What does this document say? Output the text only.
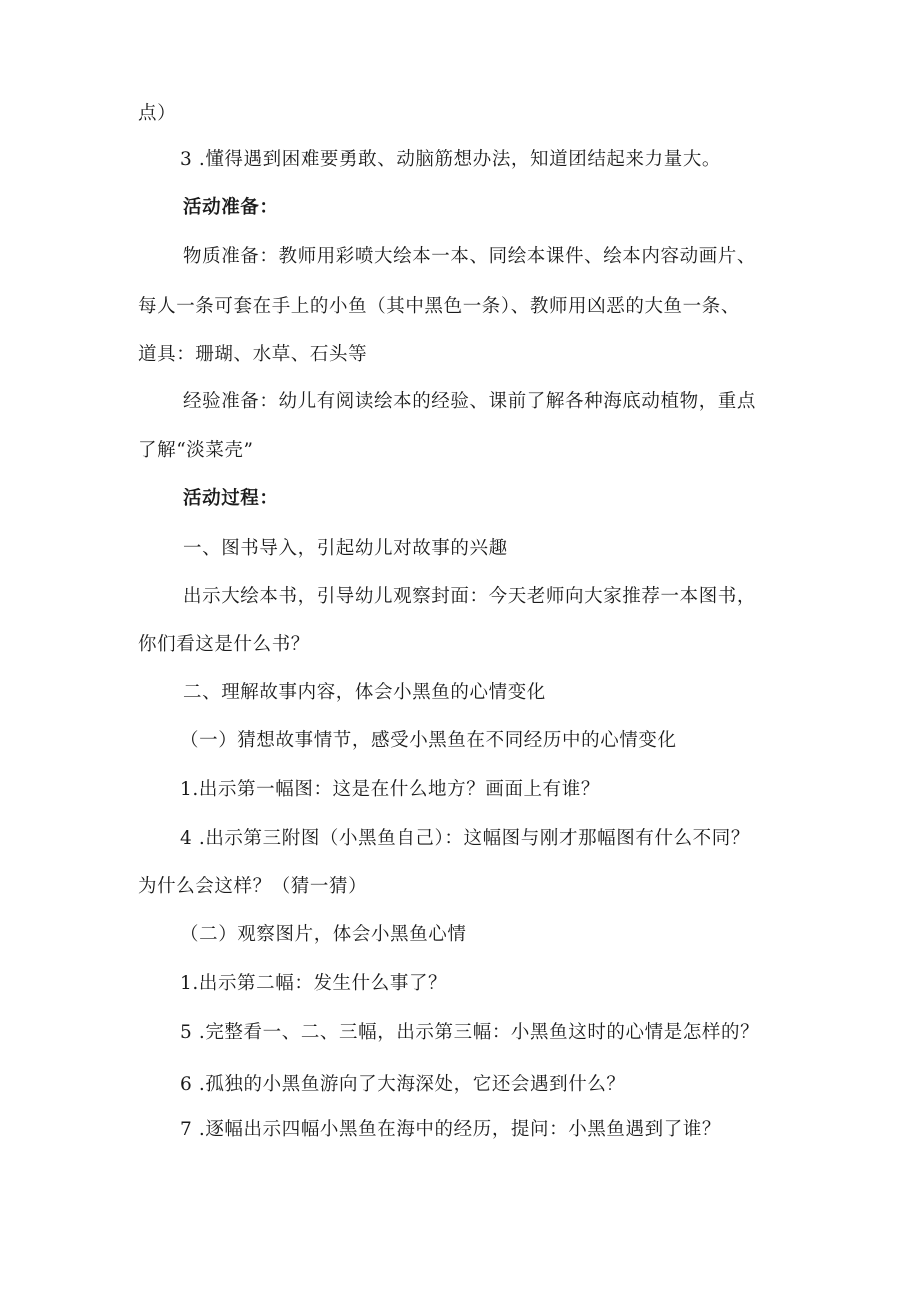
点）
3 .懂得遇到困难要勇敢、动脑筋想办法，知道团结起来力量大。
活动准备：
物质准备：教师用彩喷大绘本一本、同绘本课件、绘本内容动画片、
每人一条可套在手上的小鱼（其中黑色一条）、教师用凶恶的大鱼一条、
道具：珊瑚、水草、石头等
经验准备：幼儿有阅读绘本的经验、课前了解各种海底动植物，重点
了解“淡菜壳”
活动过程：
一、图书导入，引起幼儿对故事的兴趣
出示大绘本书，引导幼儿观察封面：今天老师向大家推荐一本图书，
你们看这是什么书？
二、理解故事内容，体会小黑鱼的心情变化
（一）猜想故事情节，感受小黑鱼在不同经历中的心情变化
1.出示第一幅图：这是在什么地方？画面上有谁？
4 .出示第三附图（小黑鱼自己）：这幅图与刚才那幅图有什么不同？
为什么会这样？（猜一猜）
（二）观察图片，体会小黑鱼心情
1.出示第二幅：发生什么事了？
5 .完整看一、二、三幅，出示第三幅：小黑鱼这时的心情是怎样的？
6 .孤独的小黑鱼游向了大海深处，它还会遇到什么？
7 .逐幅出示四幅小黑鱼在海中的经历，提问：小黑鱼遇到了谁？
